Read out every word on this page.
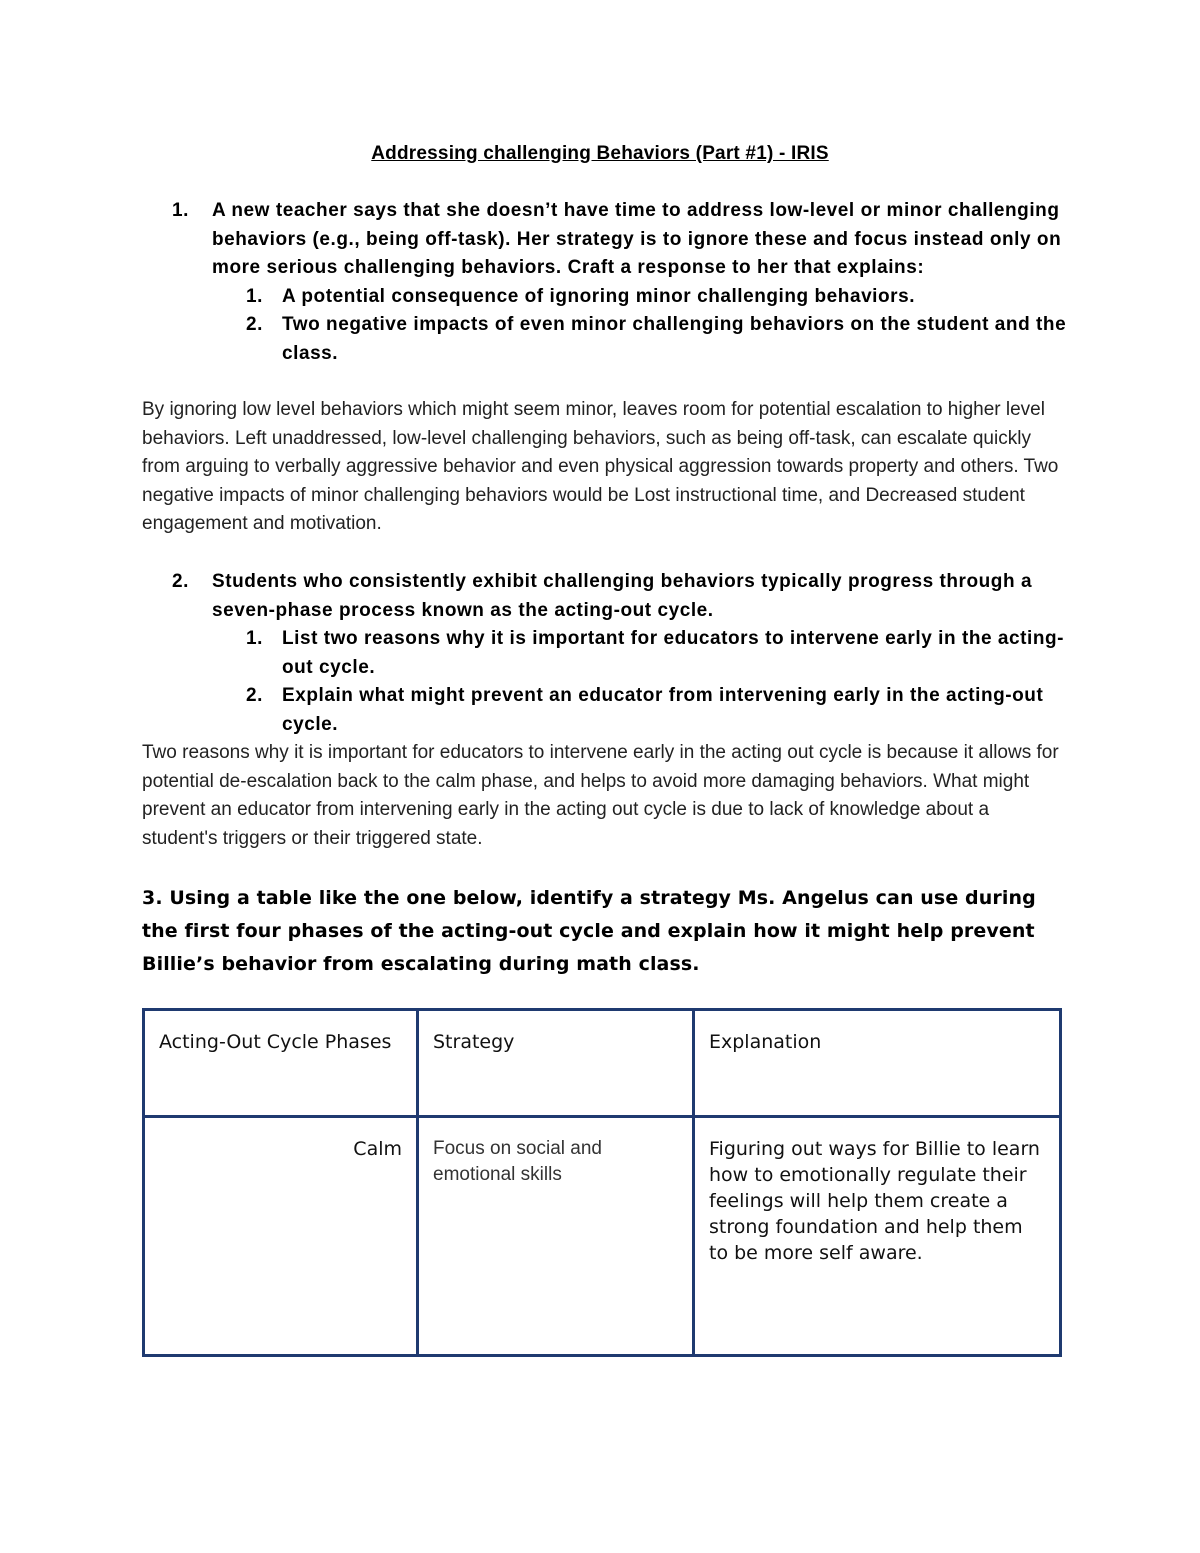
Addressing challenging Behaviors (Part #1) - IRIS
1. A new teacher says that she doesn’t have time to address low-level or minor challenging behaviors (e.g., being off-task). Her strategy is to ignore these and focus instead only on more serious challenging behaviors. Craft a response to her that explains:
1. A potential consequence of ignoring minor challenging behaviors.
2. Two negative impacts of even minor challenging behaviors on the student and the class.
By ignoring low level behaviors which might seem minor, leaves room for potential escalation to higher level behaviors. Left unaddressed, low-level challenging behaviors, such as being off-task, can escalate quickly from arguing to verbally aggressive behavior and even physical aggression towards property and others. Two negative impacts of minor challenging behaviors would be Lost instructional time, and Decreased student engagement and motivation.
2. Students who consistently exhibit challenging behaviors typically progress through a seven-phase process known as the acting-out cycle.
1. List two reasons why it is important for educators to intervene early in the acting-out cycle.
2. Explain what might prevent an educator from intervening early in the acting-out cycle.
Two reasons why it is important for educators to intervene early in the acting out cycle is because it allows for potential de-escalation back to the calm phase, and helps to avoid more damaging behaviors. What might prevent an educator from intervening early in the acting out cycle is due to lack of knowledge about a student's triggers or their triggered state.
3. Using a table like the one below, identify a strategy Ms. Angelus can use during the first four phases of the acting-out cycle and explain how it might help prevent Billie’s behavior from escalating during math class.
Acting-Out Cycle Phases	Strategy	Explanation
Calm	Focus on social and emotional skills	Figuring out ways for Billie to learn how to emotionally regulate their feelings will help them create a strong foundation and help them to be more self aware.
